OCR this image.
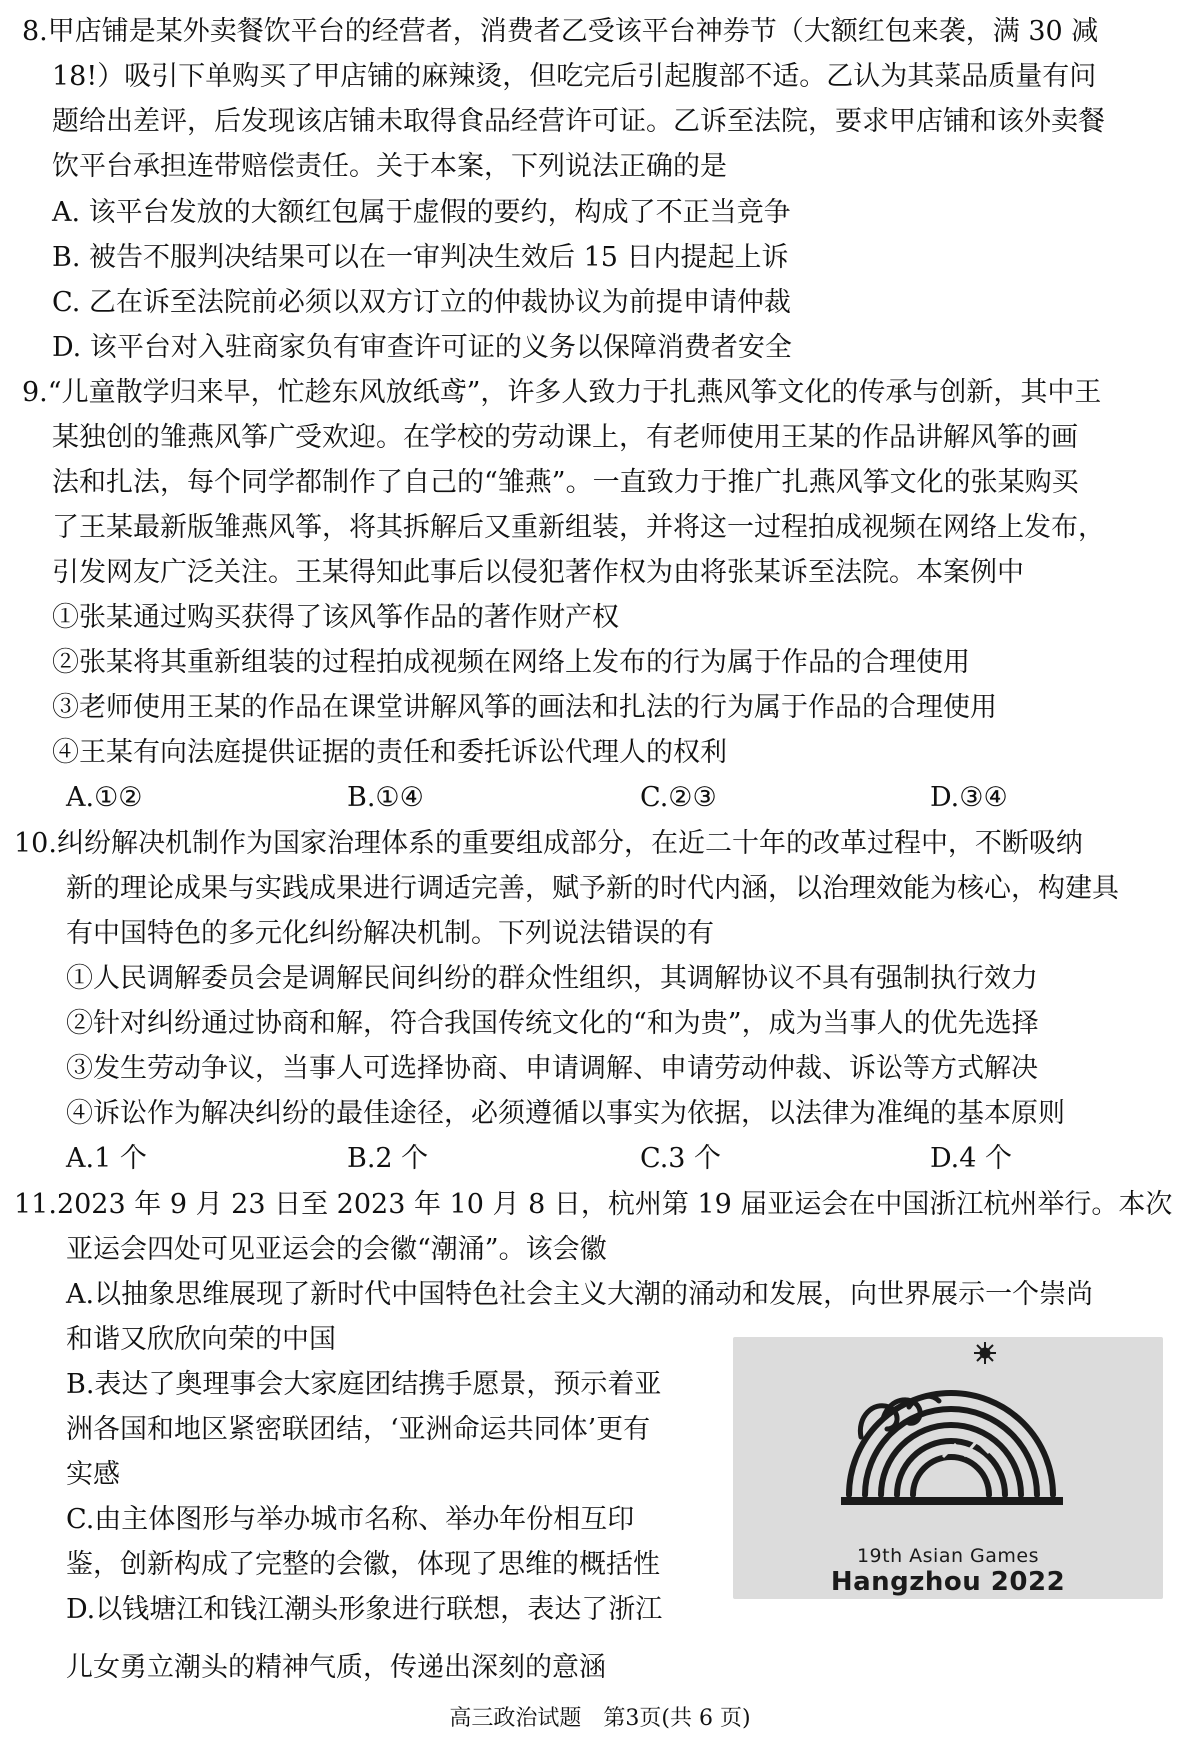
8.甲店铺是某外卖餐饮平台的经营者，消费者乙受该平台神券节（大额红包来袭，满 30 减
18!）吸引下单购买了甲店铺的麻辣烫，但吃完后引起腹部不适。乙认为其菜品质量有问
题给出差评，后发现该店铺未取得食品经营许可证。乙诉至法院，要求甲店铺和该外卖餐
饮平台承担连带赔偿责任。关于本案，下列说法正确的是
A. 该平台发放的大额红包属于虚假的要约，构成了不正当竞争
B. 被告不服判决结果可以在一审判决生效后 15 日内提起上诉
C. 乙在诉至法院前必须以双方订立的仲裁协议为前提申请仲裁
D. 该平台对入驻商家负有审查许可证的义务以保障消费者安全
9.“儿童散学归来早，忙趁东风放纸鸢”，许多人致力于扎燕风筝文化的传承与创新，其中王
某独创的雏燕风筝广受欢迎。在学校的劳动课上，有老师使用王某的作品讲解风筝的画
法和扎法，每个同学都制作了自己的“雏燕”。一直致力于推广扎燕风筝文化的张某购买
了王某最新版雏燕风筝，将其拆解后又重新组装，并将这一过程拍成视频在网络上发布，
引发网友广泛关注。王某得知此事后以侵犯著作权为由将张某诉至法院。本案例中
①张某通过购买获得了该风筝作品的著作财产权
②张某将其重新组装的过程拍成视频在网络上发布的行为属于作品的合理使用
③老师使用王某的作品在课堂讲解风筝的画法和扎法的行为属于作品的合理使用
④王某有向法庭提供证据的责任和委托诉讼代理人的权利
A.①②	B.①④	C.②③	D.③④
10.纠纷解决机制作为国家治理体系的重要组成部分，在近二十年的改革过程中，不断吸纳
新的理论成果与实践成果进行调适完善，赋予新的时代内涵，以治理效能为核心，构建具
有中国特色的多元化纠纷解决机制。下列说法错误的有
①人民调解委员会是调解民间纠纷的群众性组织，其调解协议不具有强制执行效力
②针对纠纷通过协商和解，符合我国传统文化的“和为贵”，成为当事人的优先选择
③发生劳动争议，当事人可选择协商、申请调解、申请劳动仲裁、诉讼等方式解决
④诉讼作为解决纠纷的最佳途径，必须遵循以事实为依据，以法律为准绳的基本原则
A.1 个	B.2 个	C.3 个	D.4 个
11.2023 年 9 月 23 日至 2023 年 10 月 8 日，杭州第 19 届亚运会在中国浙江杭州举行。本次
亚运会四处可见亚运会的会徽“潮涌”。该会徽
A.以抽象思维展现了新时代中国特色社会主义大潮的涌动和发展，向世界展示一个崇尚
和谐又欣欣向荣的中国
B.表达了奥理事会大家庭团结携手愿景，预示着亚
洲各国和地区紧密联团结，‘亚洲命运共同体’更有
实感
C.由主体图形与举办城市名称、举办年份相互印
鉴，创新构成了完整的会徽，体现了思维的概括性
D.以钱塘江和钱江潮头形象进行联想，表达了浙江
儿女勇立潮头的精神气质，传递出深刻的意涵
19th Asian Games
Hangzhou 2022
高三政治试题　第3页(共 6 页)
